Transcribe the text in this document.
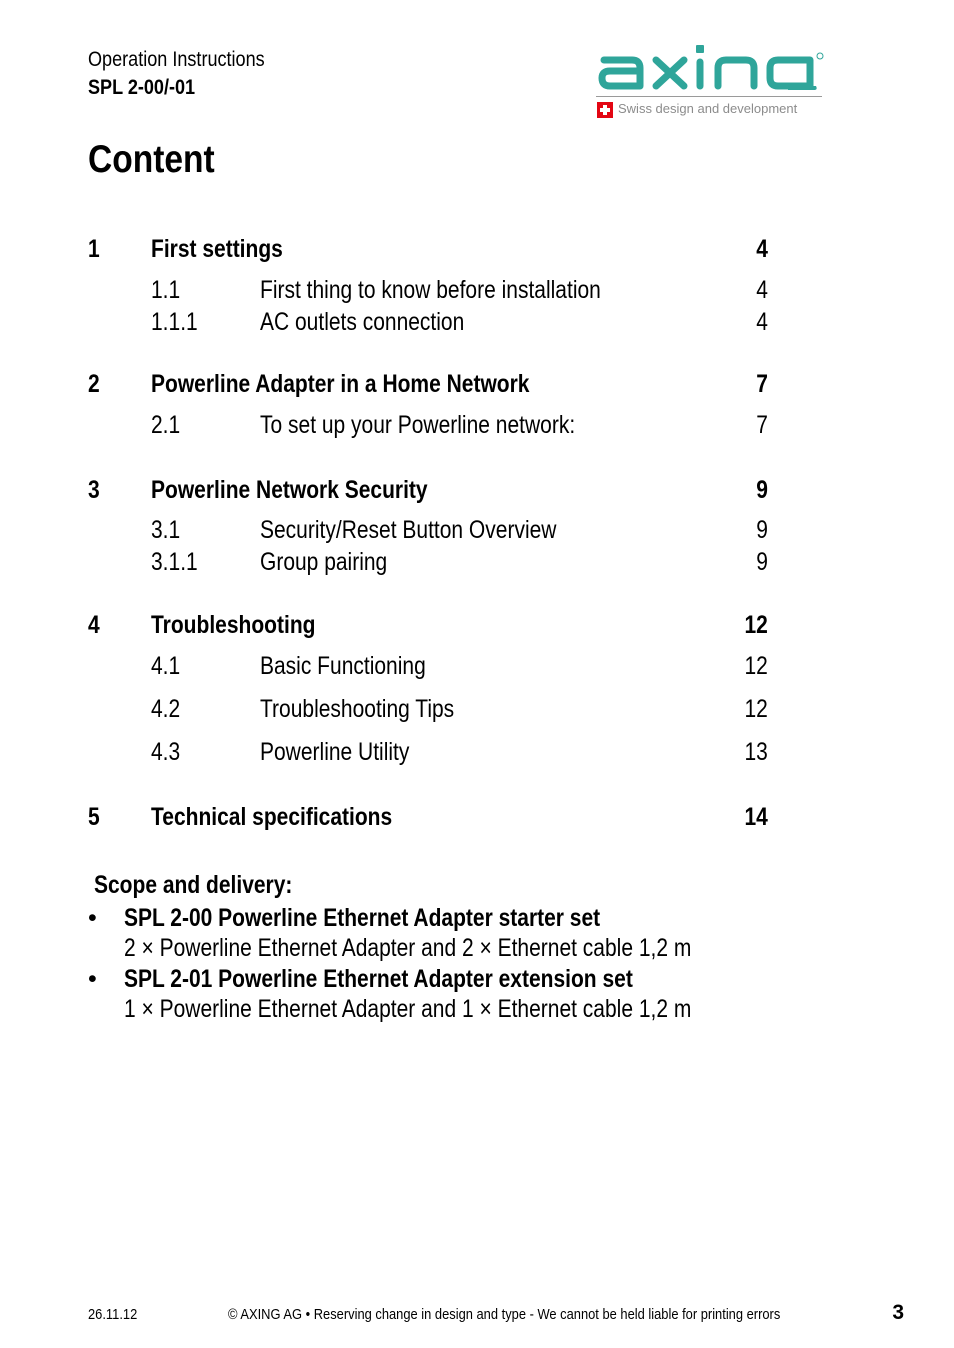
Operation Instructions
SPL 2-00/-01
Swiss design and development
Content
1 First settings	4
1.1	First thing to know before installation	4
1.1.1	AC outlets connection	4
2 Powerline Adapter in a Home Network	7
2.1	To set up your Powerline network:	7
3 Powerline Network Security	9
3.1	Security/Reset Button Overview	9
3.1.1	Group pairing	9
4 Troubleshooting	12
4.1	Basic Functioning	12
4.2	Troubleshooting Tips	12
4.3	Powerline Utility	13
5 Technical specifications	14
Scope and delivery:
• SPL 2-00 Powerline Ethernet Adapter starter set
2 × Powerline Ethernet Adapter and 2 × Ethernet cable 1,2 m
• SPL 2-01 Powerline Ethernet Adapter extension set
1 × Powerline Ethernet Adapter and 1 × Ethernet cable 1,2 m
26.11.12	© AXING AG • Reserving change in design and type - We cannot be held liable for printing errors	3
